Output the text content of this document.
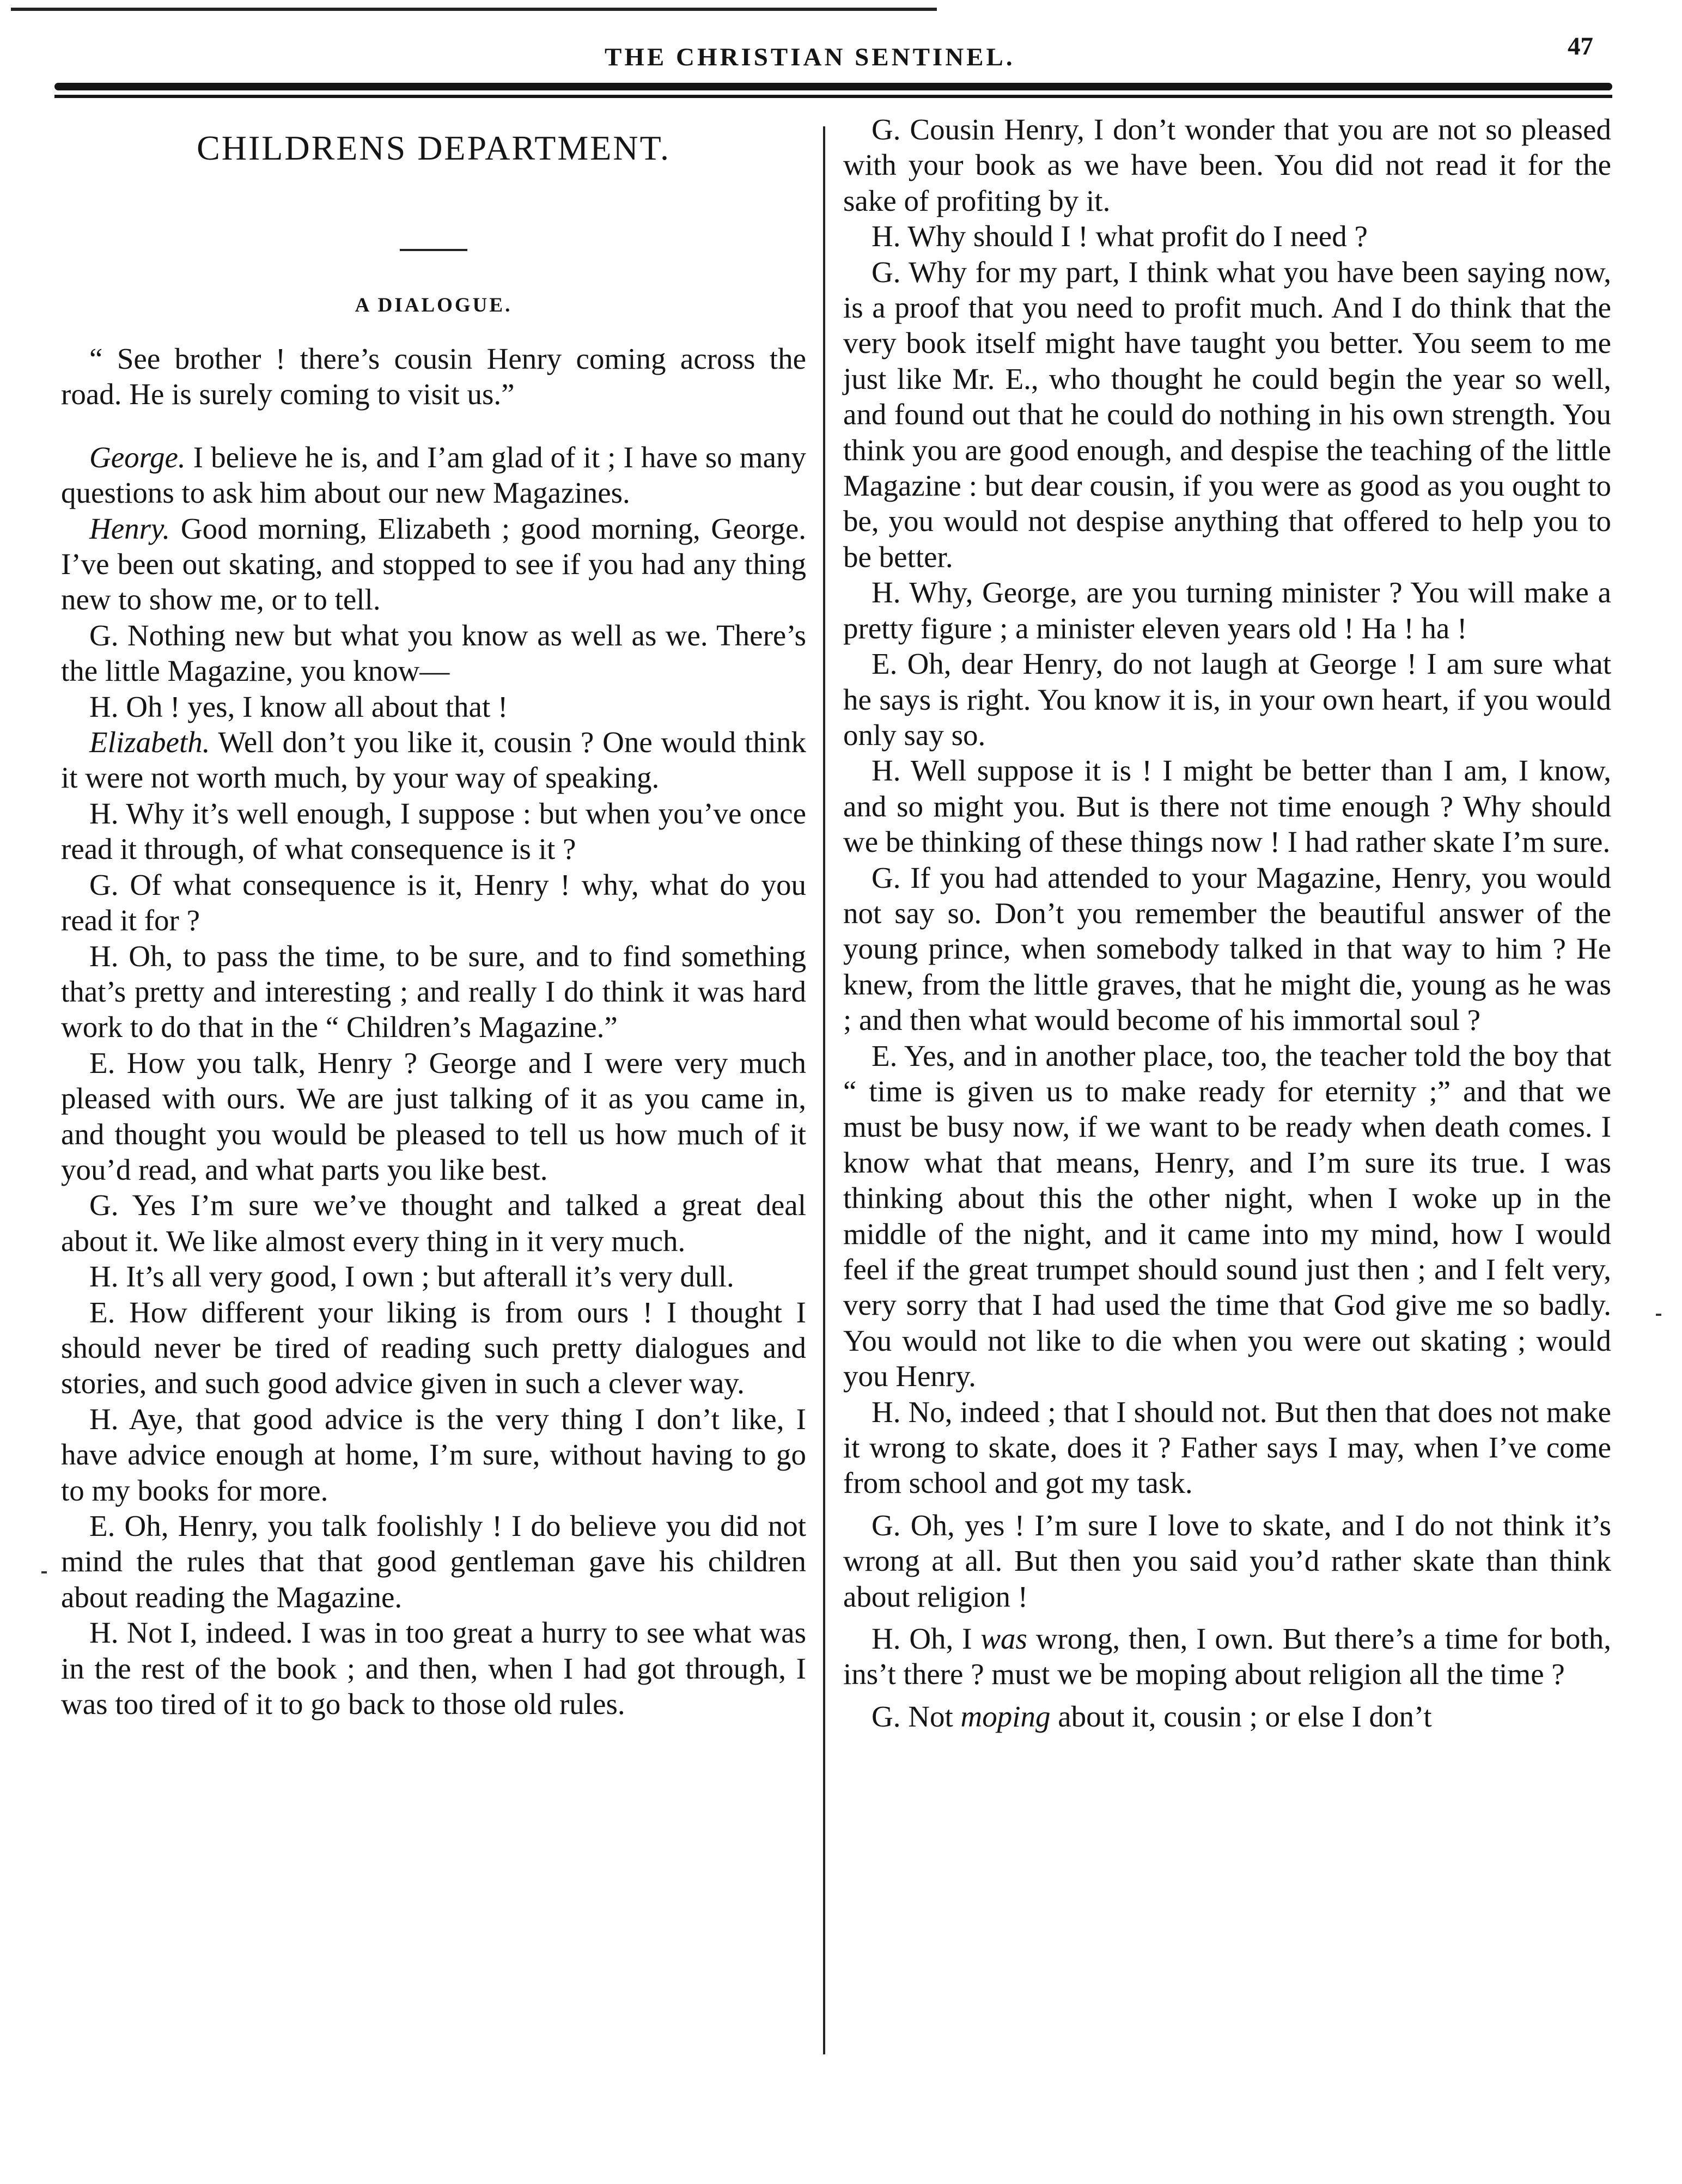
THE CHRISTIAN SENTINEL.	47
CHILDRENS DEPARTMENT.
A DIALOGUE.

“ See brother ! there’s cousin Henry coming across the road. He is surely coming to visit us.”

George. I believe he is, and I’am glad of it ; I have so many questions to ask him about our new Magazines.

Henry. Good morning, Elizabeth ; good morning, George. I’ve been out skating, and stopped to see if you had any thing new to show me, or to tell.

G. Nothing new but what you know as well as we. There’s the little Magazine, you know—

H. Oh ! yes, I know all about that !

Elizabeth. Well don’t you like it, cousin ? One would think it were not worth much, by your way of speaking.

H. Why it’s well enough, I suppose : but when you’ve once read it through, of what consequence is it ?

G. Of what consequence is it, Henry ! why, what do you read it for ?

H. Oh, to pass the time, to be sure, and to find something that’s pretty and interesting ; and really I do think it was hard work to do that in the “ Children’s Magazine.”

E. How you talk, Henry ? George and I were very much pleased with ours. We are just talking of it as you came in, and thought you would be pleased to tell us how much of it you’d read, and what parts you like best.

G. Yes I’m sure we’ve thought and talked a great deal about it. We like almost every thing in it very much.

H. It’s all very good, I own ; but afterall it’s very dull.

E. How different your liking is from ours ! I thought I should never be tired of reading such pretty dialogues and stories, and such good advice given in such a clever way.

H. Aye, that good advice is the very thing I don’t like, I have advice enough at home, I’m sure, without having to go to my books for more.

E. Oh, Henry, you talk foolishly ! I do believe you did not mind the rules that that good gentleman gave his children about reading the Magazine.

H. Not I, indeed. I was in too great a hurry to see what was in the rest of the book ; and then, when I had got through, I was too tired of it to go back to those old rules.

G. Cousin Henry, I don’t wonder that you are not so pleased with your book as we have been. You did not read it for the sake of profiting by it.

H. Why should I ! what profit do I need ?

G. Why for my part, I think what you have been saying now, is a proof that you need to profit much. And I do think that the very book itself might have taught you better. You seem to me just like Mr. E., who thought he could begin the year so well, and found out that he could do nothing in his own strength. You think you are good enough, and despise the teaching of the little Magazine : but dear cousin, if you were as good as you ought to be, you would not despise anything that offered to help you to be better.

H. Why, George, are you turning minister ? You will make a pretty figure ; a minister eleven years old ! Ha ! ha !

E. Oh, dear Henry, do not laugh at George ! I am sure what he says is right. You know it is, in your own heart, if you would only say so.

H. Well suppose it is ! I might be better than I am, I know, and so might you. But is there not time enough ? Why should we be thinking of these things now ! I had rather skate I’m sure.

G. If you had attended to your Magazine, Henry, you would not say so. Don’t you remember the beautiful answer of the young prince, when somebody talked in that way to him ? He knew, from the little graves, that he might die, young as he was ; and then what would become of his immortal soul ?

E. Yes, and in another place, too, the teacher told the boy that “ time is given us to make ready for eternity ;” and that we must be busy now, if we want to be ready when death comes. I know what that means, Henry, and I’m sure its true. I was thinking about this the other night, when I woke up in the middle of the night, and it came into my mind, how I would feel if the great trumpet should sound just then ; and I felt very, very sorry that I had used the time that God give me so badly. You would not like to die when you were out skating ; would you Henry.

H. No, indeed ; that I should not. But then that does not make it wrong to skate, does it ? Father says I may, when I’ve come from school and got my task.

G. Oh, yes ! I’m sure I love to skate, and I do not think it’s wrong at all. But then you said you’d rather skate than think about religion !

H. Oh, I was wrong, then, I own. But there’s a time for both, ins’t there ? must we be moping about religion all the time ?

G. Not moping about it, cousin ; or else I don’t
